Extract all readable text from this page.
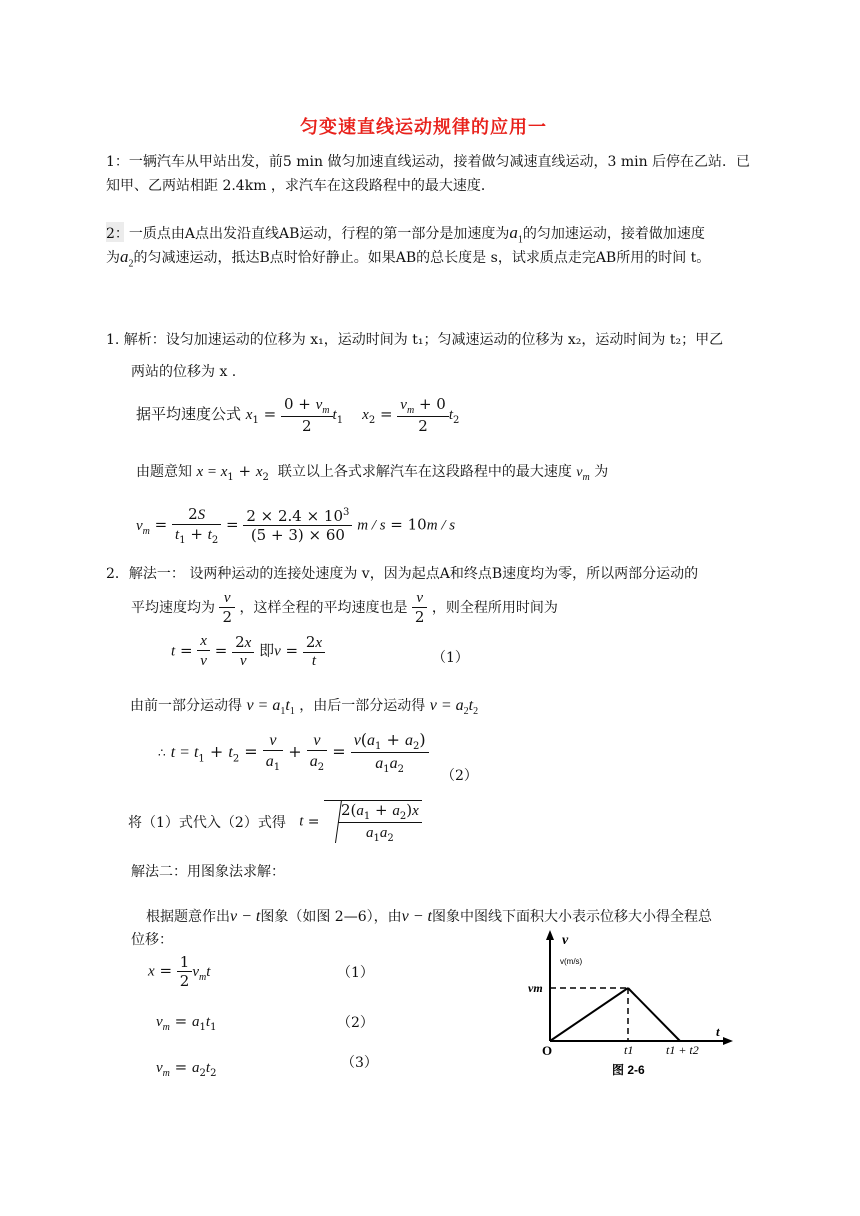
匀变速直线运动规律的应用一
1：一辆汽车从甲站出发，前5 min 做匀加速直线运动，接着做匀减速直线运动，3 min 后停在乙站．已
知甲、乙两站相距 2.4km ，求汽车在这段路程中的最大速度．
2：一质点由A点出发沿直线AB运动，行程的第一部分是加速度为$a_1$的匀加速运动，接着做加速度
为$a_2$的匀减速运动，抵达B点时恰好静止。如果AB的总长度是 s，试求质点走完AB所用的时间 t。
1. 解析：设匀加速运动的位移为 x₁，运动时间为 t₁；匀减速运动的位移为 x₂，运动时间为 t₂；甲乙
两站的位移为 x .
据平均速度公式 $x_1 = \frac{0 + v_m}{2} t_1$ $x_2 = \frac{v_m + 0}{2} t_2$
由题意知 $x = x_1 + x_2$ 联立以上各式求解汽车在这段路程中的最大速度 $v_m$ 为
$v_m = \frac{2S}{t_1 + t_2} = \frac{2 \times 2.4 \times 10^3}{(5 + 3) \times 60}$ m / s = 10m / s
2．解法一： 设两种运动的连接处速度为 v，因为起点A和终点B速度均为零，所以两部分运动的
平均速度均为 $\frac{v}{2}$ ，这样全程的平均速度也是 $\frac{v}{2}$ ，则全程所用时间为
$t = \frac{x}{v} = \frac{2x}{v}$ 即$v = \frac{2x}{t}$	（1）
由前一部分运动得 $v = a_1t_1$ ，由后一部分运动得 $v = a_2t_2$
∴ $t = t_1 + t_2 = \frac{v}{a_1} + \frac{v}{a_2} = \frac{v(a_1 + a_2)}{a_1a_2}$
（2）
将（1）式代入（2）式得 $t = \frac{2(a_1 + a_2)x}{a_1a_2}$
解法二：用图象法求解：
根据题意作出v − t图象（如图 2—6），由v − t图象中图线下面积大小表示位移大小得全程总
位移：
$x = \frac{1}{2} v_mt$	（1）
$v_m = a_1t_1$	（2）
$v_m = a_2t_2$
（3）
v
v(m/s)
vm
O	t1	t1 + t2
t
图 2-6
